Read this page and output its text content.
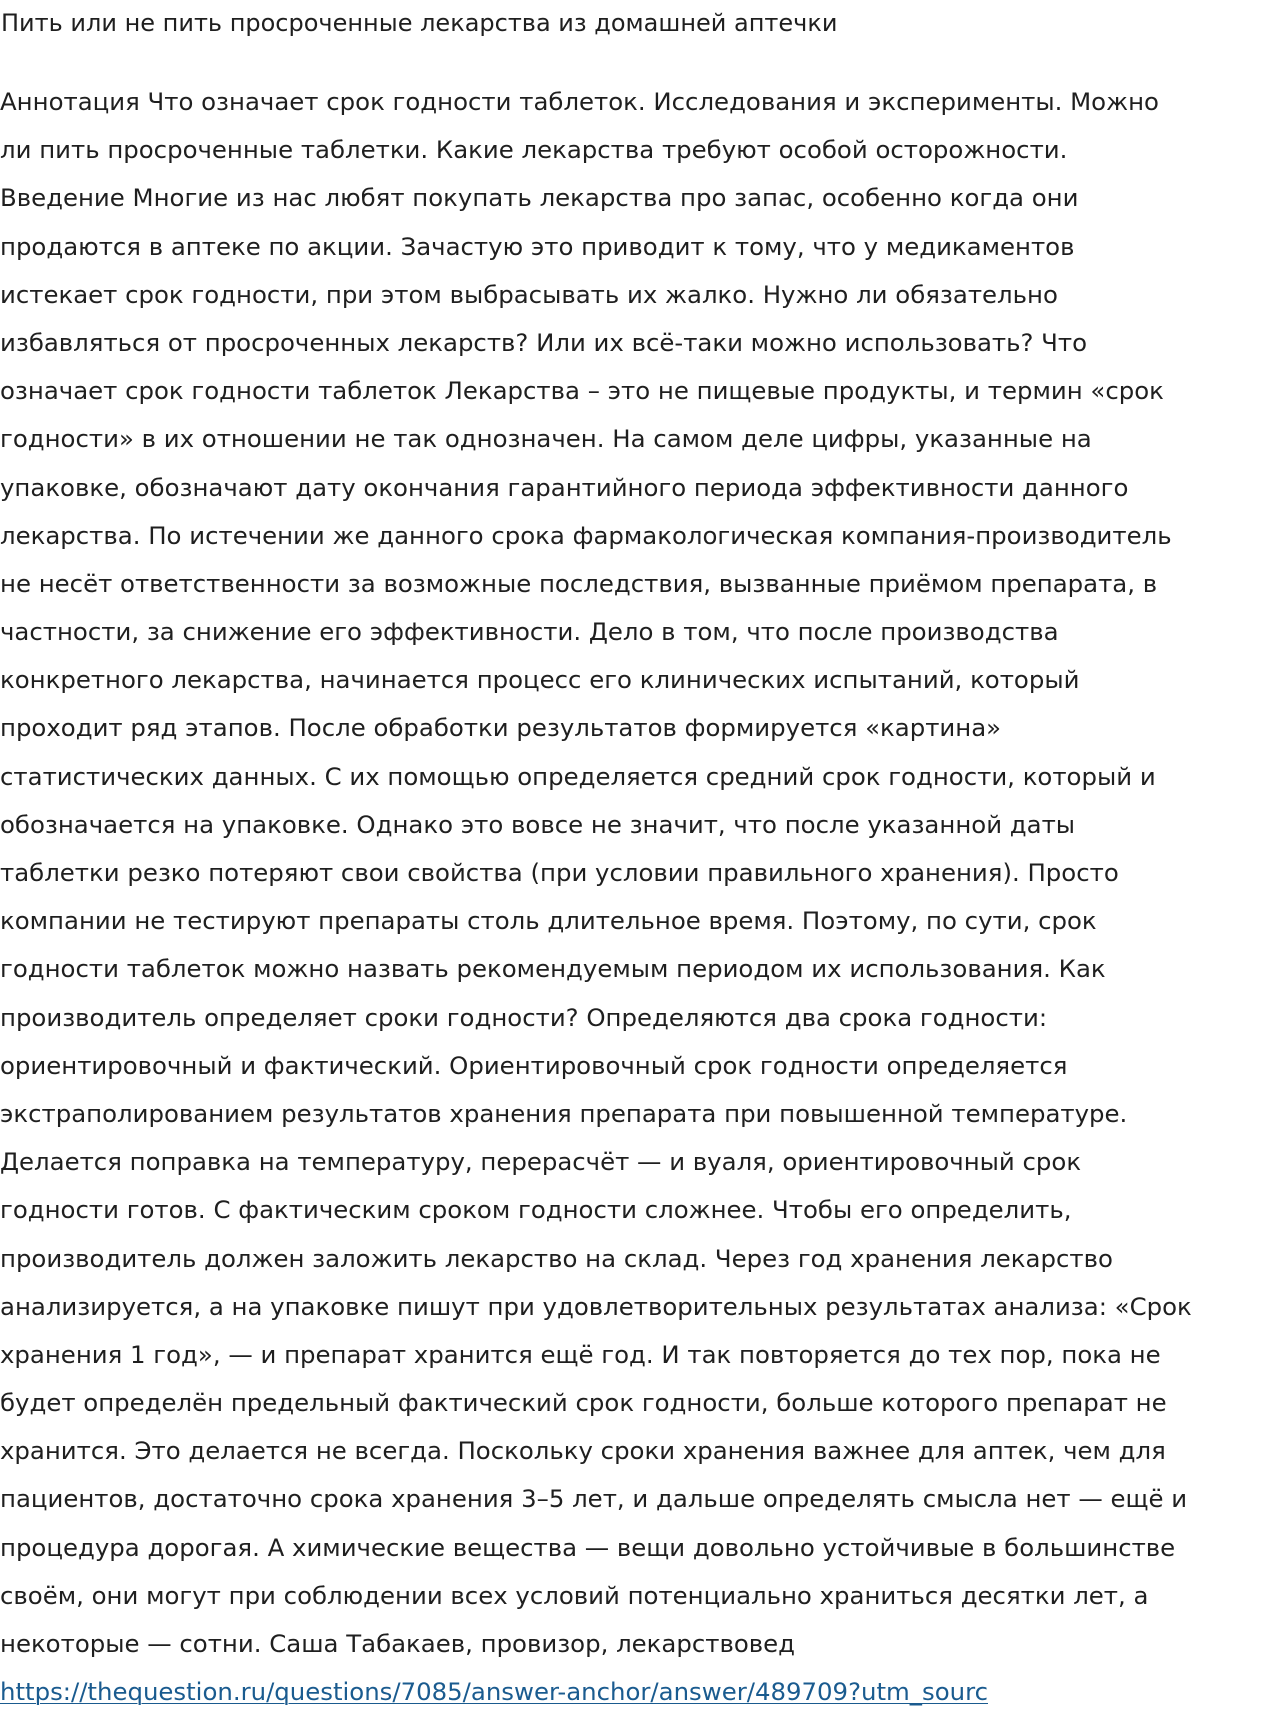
Пить или не пить просроченные лекарства из домашней аптечки
Аннотация Что означает срок годности таблеток. Исследования и эксперименты. Можно
ли пить просроченные таблетки. Какие лекарства требуют особой осторожности.
Введение Многие из нас любят покупать лекарства про запас, особенно когда они
продаются в аптеке по акции. Зачастую это приводит к тому, что у медикаментов
истекает срок годности, при этом выбрасывать их жалко. Нужно ли обязательно
избавляться от просроченных лекарств? Или их всё-таки можно использовать? Что
означает срок годности таблеток Лекарства – это не пищевые продукты, и термин «срок
годности» в их отношении не так однозначен. На самом деле цифры, указанные на
упаковке, обозначают дату окончания гарантийного периода эффективности данного
лекарства. По истечении же данного срока фармакологическая компания-производитель
не несёт ответственности за возможные последствия, вызванные приёмом препарата, в
частности, за снижение его эффективности. Дело в том, что после производства
конкретного лекарства, начинается процесс его клинических испытаний, который
проходит ряд этапов. После обработки результатов формируется «картина»
статистических данных. С их помощью определяется средний срок годности, который и
обозначается на упаковке. Однако это вовсе не значит, что после указанной даты
таблетки резко потеряют свои свойства (при условии правильного хранения). Просто
компании не тестируют препараты столь длительное время. Поэтому, по сути, срок
годности таблеток можно назвать рекомендуемым периодом их использования. Как
производитель определяет сроки годности? Определяются два срока годности:
ориентировочный и фактический. Ориентировочный срок годности определяется
экстраполированием результатов хранения препарата при повышенной температуре.
Делается поправка на температуру, перерасчёт — и вуаля, ориентировочный срок
годности готов. С фактическим сроком годности сложнее. Чтобы его определить,
производитель должен заложить лекарство на склад. Через год хранения лекарство
анализируется, а на упаковке пишут при удовлетворительных результатах анализа: «Срок
хранения 1 год», — и препарат хранится ещё год. И так повторяется до тех пор, пока не
будет определён предельный фактический срок годности, больше которого препарат не
хранится. Это делается не всегда. Поскольку сроки хранения важнее для аптек, чем для
пациентов, достаточно срока хранения 3–5 лет, и дальше определять смысла нет — ещё и
процедура дорогая. А химические вещества — вещи довольно устойчивые в большинстве
своём, они могут при соблюдении всех условий потенциально храниться десятки лет, а
некоторые — сотни. Саша Табакаев, провизор, лекарствовед
https://thequestion.ru/questions/7085/answer-anchor/answer/489709?utm_sourc
